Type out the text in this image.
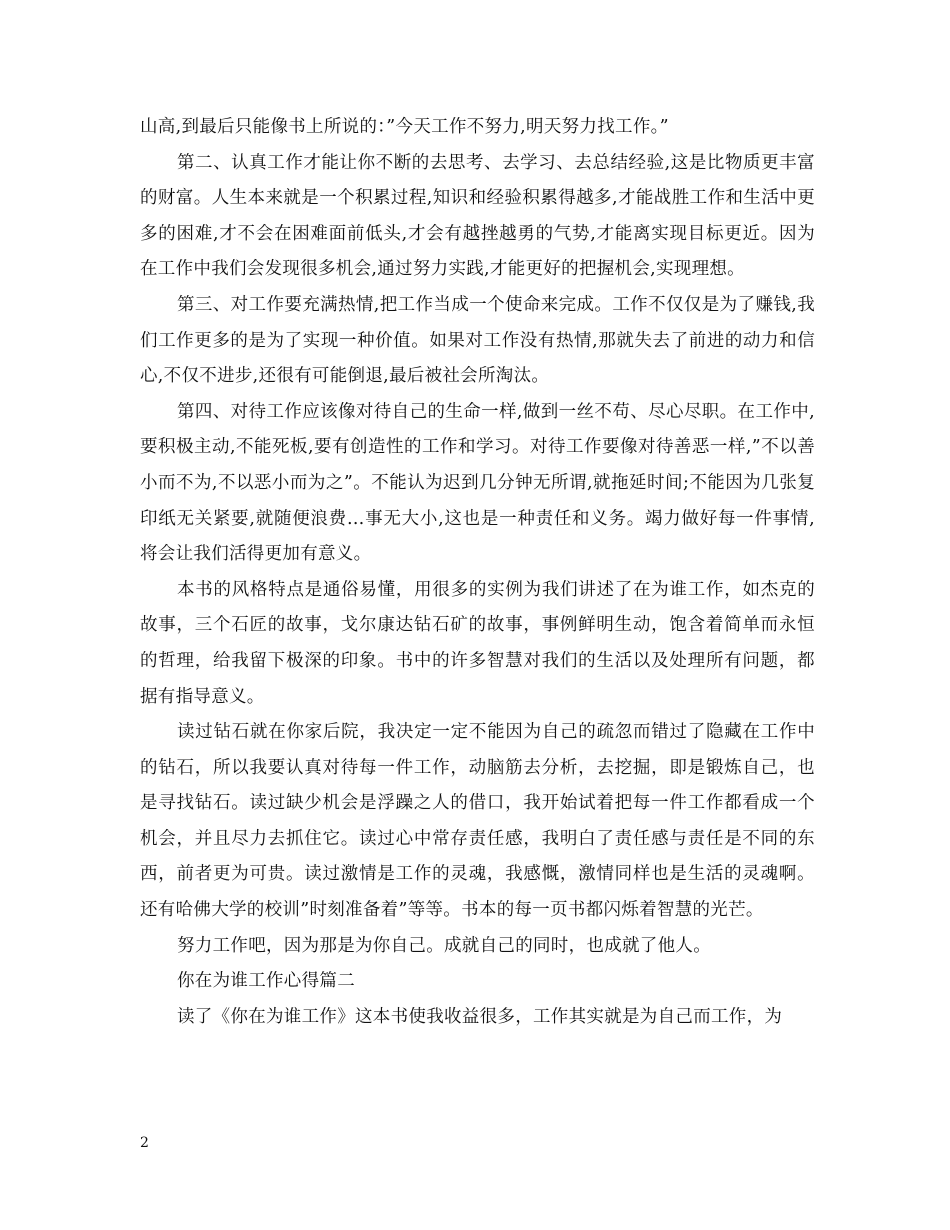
山高,到最后只能像书上所说的：”今天工作不努力,明天努力找工作。”

第二、认真工作才能让你不断的去思考、去学习、去总结经验,这是比物质更丰富的财富。人生本来就是一个积累过程,知识和经验积累得越多,才能战胜工作和生活中更多的困难,才不会在困难面前低头,才会有越挫越勇的气势,才能离实现目标更近。因为在工作中我们会发现很多机会,通过努力实践,才能更好的把握机会,实现理想。

第三、对工作要充满热情,把工作当成一个使命来完成。工作不仅仅是为了赚钱,我们工作更多的是为了实现一种价值。如果对工作没有热情,那就失去了前进的动力和信心,不仅不进步,还很有可能倒退,最后被社会所淘汰。

第四、对待工作应该像对待自己的生命一样,做到一丝不苟、尽心尽职。在工作中,要积极主动,不能死板,要有创造性的工作和学习。对待工作要像对待善恶一样,”不以善小而不为,不以恶小而为之”。不能认为迟到几分钟无所谓,就拖延时间;不能因为几张复印纸无关紧要,就随便浪费…事无大小,这也是一种责任和义务。竭力做好每一件事情,将会让我们活得更加有意义。

本书的风格特点是通俗易懂，用很多的实例为我们讲述了在为谁工作，如杰克的故事，三个石匠的故事，戈尔康达钻石矿的故事，事例鲜明生动，饱含着简单而永恒的哲理，给我留下极深的印象。书中的许多智慧对我们的生活以及处理所有问题，都据有指导意义。

读过钻石就在你家后院，我决定一定不能因为自己的疏忽而错过了隐藏在工作中的钻石，所以我要认真对待每一件工作，动脑筋去分析，去挖掘，即是锻炼自己，也是寻找钻石。读过缺少机会是浮躁之人的借口，我开始试着把每一件工作都看成一个机会，并且尽力去抓住它。读过心中常存责任感，我明白了责任感与责任是不同的东西，前者更为可贵。读过激情是工作的灵魂，我感慨，激情同样也是生活的灵魂啊。还有哈佛大学的校训”时刻准备着”等等。书本的每一页书都闪烁着智慧的光芒。

努力工作吧，因为那是为你自己。成就自己的同时，也成就了他人。

你在为谁工作心得篇二

读了《你在为谁工作》这本书使我收益很多，工作其实就是为自己而工作，为

2
